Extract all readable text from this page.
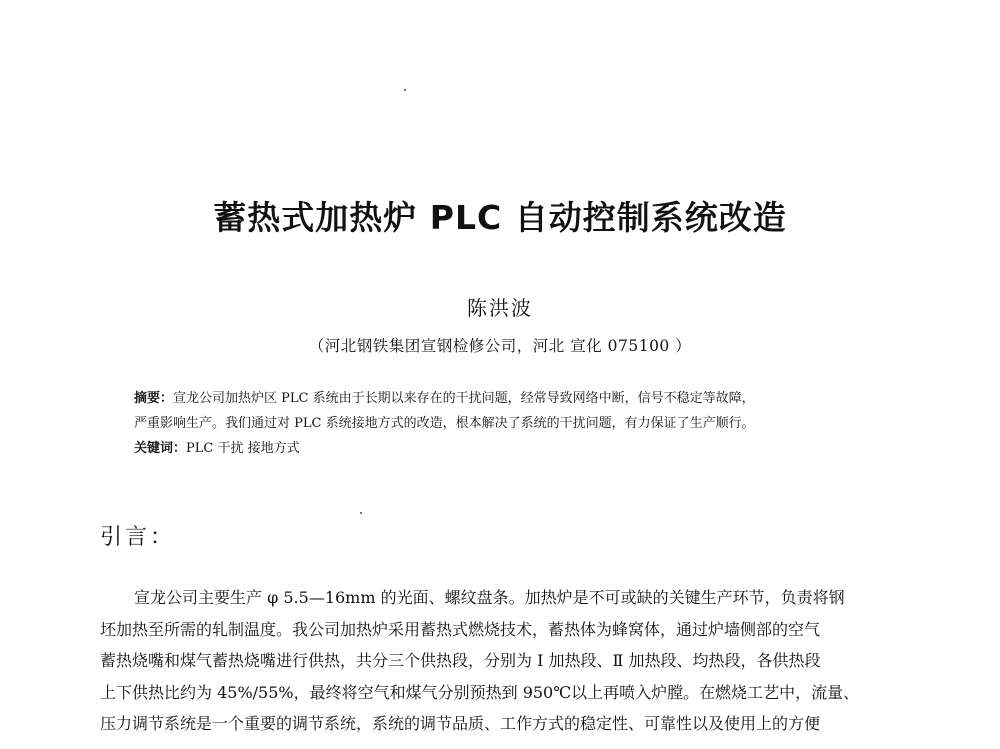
蓄热式加热炉 PLC 自动控制系统改造
陈洪波
（河北钢铁集团宣钢检修公司，河北 宣化 075100 ）
摘要：宣龙公司加热炉区 PLC 系统由于长期以来存在的干扰问题，经常导致网络中断，信号不稳定等故障，
严重影响生产。我们通过对 PLC 系统接地方式的改造，根本解决了系统的干扰问题，有力保证了生产顺行。
关键词：PLC 干扰 接地方式
引言：
宣龙公司主要生产 φ 5.5—16mm 的光面、螺纹盘条。加热炉是不可或缺的关键生产环节，负责将钢
坯加热至所需的轧制温度。我公司加热炉采用蓄热式燃烧技术，蓄热体为蜂窝体，通过炉墙侧部的空气
蓄热烧嘴和煤气蓄热烧嘴进行供热，共分三个供热段，分别为 Ⅰ 加热段、Ⅱ 加热段、均热段，各供热段
上下供热比约为 45%/55%，最终将空气和煤气分别预热到 950℃以上再喷入炉膛。在燃烧工艺中，流量、
压力调节系统是一个重要的调节系统，系统的调节品质、工作方式的稳定性、可靠性以及使用上的方便
